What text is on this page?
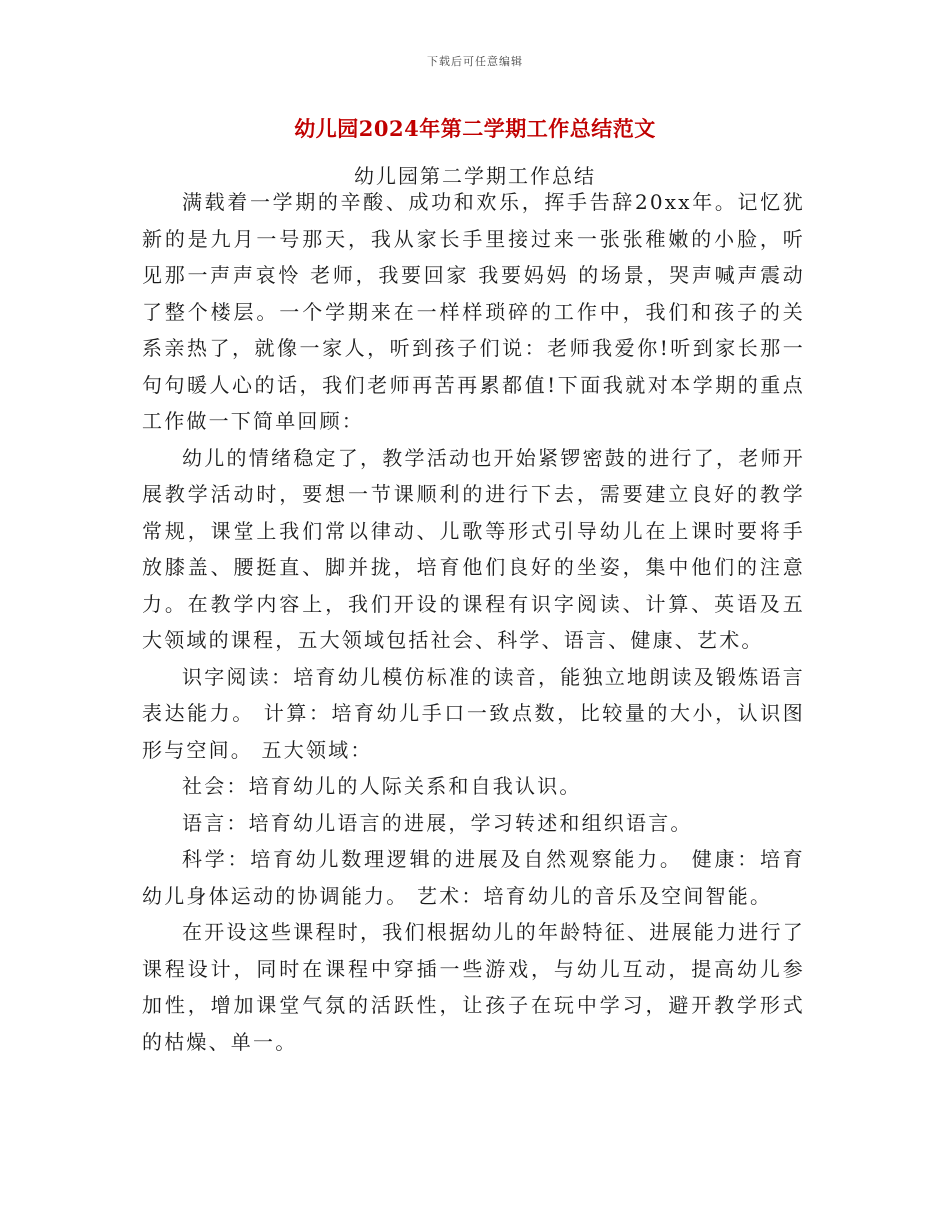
下载后可任意编辑
幼儿园2024年第二学期工作总结范文
幼儿园第二学期工作总结

满载着一学期的辛酸、成功和欢乐，挥手告辞20xx年。记忆犹新的是九月一号那天，我从家长手里接过来一张张稚嫩的小脸，听见那一声声哀怜 老师，我要回家 我要妈妈 的场景，哭声喊声震动了整个楼层。一个学期来在一样样琐碎的工作中，我们和孩子的关系亲热了，就像一家人，听到孩子们说：老师我爱你!听到家长那一句句暖人心的话，我们老师再苦再累都值!下面我就对本学期的重点工作做一下简单回顾：

幼儿的情绪稳定了，教学活动也开始紧锣密鼓的进行了，老师开展教学活动时，要想一节课顺利的进行下去，需要建立良好的教学常规，课堂上我们常以律动、儿歌等形式引导幼儿在上课时要将手放膝盖、腰挺直、脚并拢，培育他们良好的坐姿，集中他们的注意力。在教学内容上，我们开设的课程有识字阅读、计算、英语及五大领域的课程，五大领域包括社会、科学、语言、健康、艺术。

识字阅读：培育幼儿模仿标准的读音，能独立地朗读及锻炼语言表达能力。 计算：培育幼儿手口一致点数，比较量的大小，认识图形与空间。 五大领域：

社会：培育幼儿的人际关系和自我认识。

语言：培育幼儿语言的进展，学习转述和组织语言。

科学：培育幼儿数理逻辑的进展及自然观察能力。 健康：培育幼儿身体运动的协调能力。 艺术：培育幼儿的音乐及空间智能。

在开设这些课程时，我们根据幼儿的年龄特征、进展能力进行了课程设计，同时在课程中穿插一些游戏，与幼儿互动，提高幼儿参加性，增加课堂气氛的活跃性，让孩子在玩中学习，避开教学形式的枯燥、单一。
